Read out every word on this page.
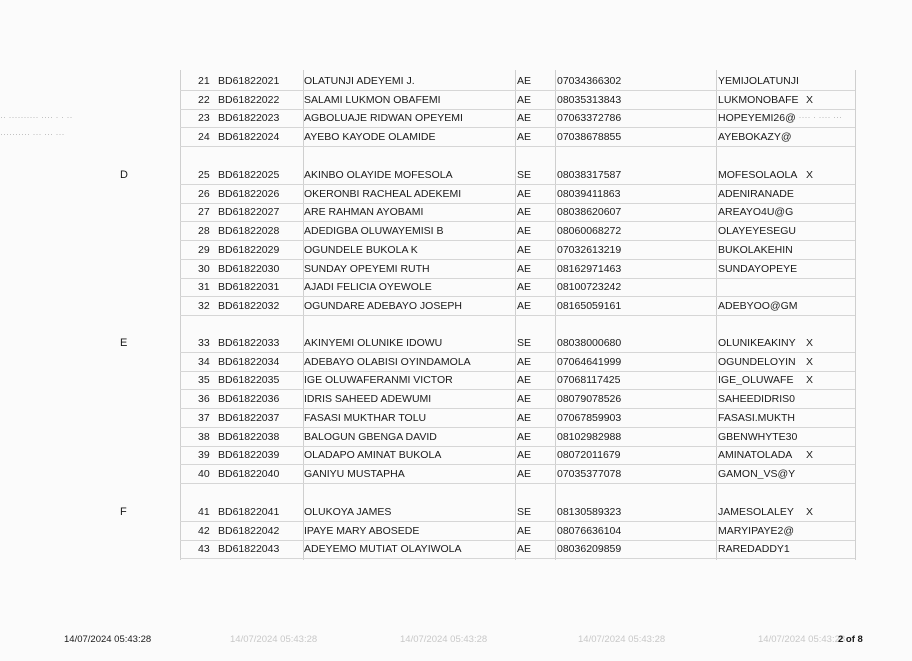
·· ·········· ···· · · ··
·········· ··· ··· ···
·· ···· · ···· ···
21 BD61822021 OLATUNJI ADEYEMI J.	AE 07034366302	YEMIJOLATUNJI
22 BD61822022 SALAMI LUKMON OBAFEMI	AE 08035313843	LUKMONOBAFE X
23 BD61822023 AGBOLUAJE RIDWAN OPEYEMI	AE 07063372786	HOPEYEMI26@
24 BD61822024 AYEBO KAYODE OLAMIDE	AE 07038678855	AYEBOKAZY@
D	25 BD61822025 AKINBO OLAYIDE MOFESOLA	SE 08038317587	MOFESOLAOLA X
26 BD61822026 OKERONBI RACHEAL ADEKEMI	AE 08039411863	ADENIRANADE
27 BD61822027 ARE RAHMAN AYOBAMI	AE 08038620607	AREAYO4U@G
28 BD61822028 ADEDIGBA OLUWAYEMISI B	AE 08060068272	OLAYEYESEGU
29 BD61822029 OGUNDELE BUKOLA K	AE 07032613219	BUKOLAKEHIN
30 BD61822030 SUNDAY OPEYEMI RUTH	AE 08162971463	SUNDAYOPEYE
31 BD61822031 AJADI FELICIA OYEWOLE	AE 08100723242
32 BD61822032 OGUNDARE ADEBAYO JOSEPH	AE 08165059161	ADEBYOO@GM
E	33 BD61822033 AKINYEMI OLUNIKE IDOWU	SE 08038000680	OLUNIKEAKINY X
34 BD61822034 ADEBAYO OLABISI OYINDAMOLA	AE 07064641999	OGUNDELOYIN X
35 BD61822035 IGE OLUWAFERANMI VICTOR	AE 07068117425	IGE_OLUWAFE	X
36 BD61822036 IDRIS SAHEED ADEWUMI	AE 08079078526	SAHEEDIDRIS0
37 BD61822037 FASASI MUKTHAR TOLU	AE 07067859903	FASASI.MUKTH
38 BD61822038 BALOGUN GBENGA DAVID	AE 08102982988	GBENWHYTE30
39 BD61822039 OLADAPO AMINAT BUKOLA	AE 08072011679	AMINATOLADA	X
40 BD61822040 GANIYU MUSTAPHA	AE 07035377078	GAMON_VS@Y
F	41 BD61822041 OLUKOYA JAMES	SE 08130589323	JAMESOLALEY	X
42 BD61822042 IPAYE MARY ABOSEDE	AE 08076636104	MARYIPAYE2@
43 BD61822043 ADEYEMO MUTIAT OLAYIWOLA	AE 08036209859	RAREDADDY1
14/07/2024 05:43:28	14/07/2024 05:43:28	14/07/2024 05:43:28	14/07/2024 05:43:28	14/07/2024 05:43:28
2 of 8
